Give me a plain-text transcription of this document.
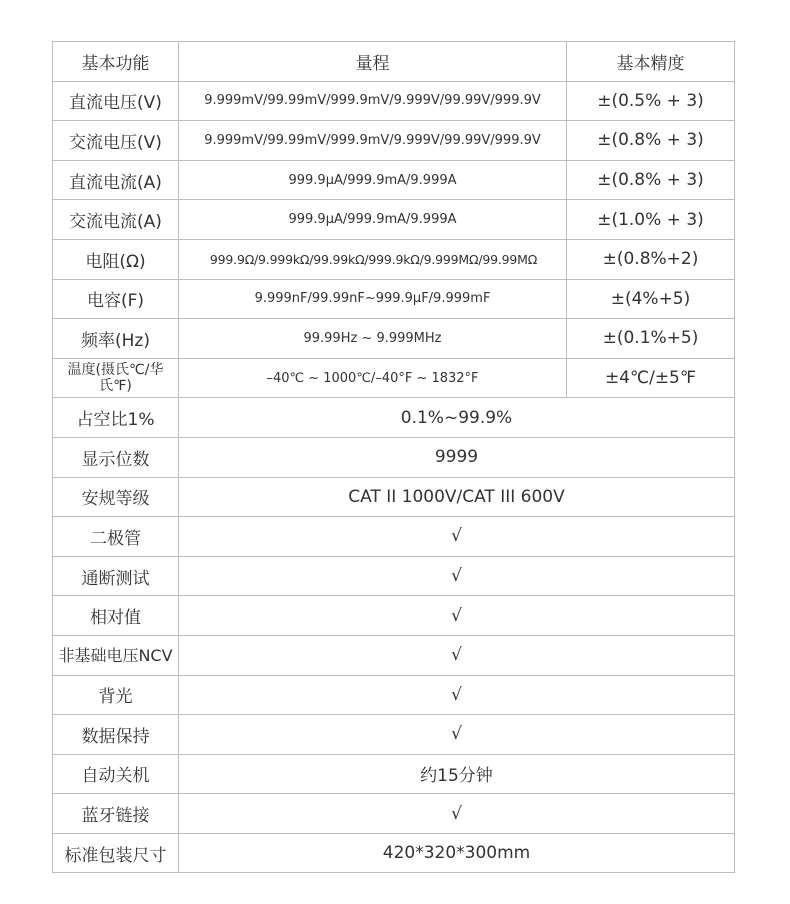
基本功能	量程	基本精度
直流电压(V)	9.999mV/99.99mV/999.9mV/9.999V/99.99V/999.9V	±(0.5% + 3)
交流电压(V)	9.999mV/99.99mV/999.9mV/9.999V/99.99V/999.9V	±(0.8% + 3)
直流电流(A)	999.9μA/999.9mA/9.999A	±(0.8% + 3)
交流电流(A)	999.9μA/999.9mA/9.999A	±(1.0% + 3)
电阻(Ω)	999.9Ω/9.999kΩ/99.99kΩ/999.9kΩ/9.999MΩ/99.99MΩ	±(0.8%+2)
电容(F)	9.999nF/99.99nF~999.9μF/9.999mF	±(4%+5)
频率(Hz)	99.99Hz ~ 9.999MHz	±(0.1%+5)
温度(摄氏℃/华氏℉)	–40℃ ~ 1000℃/–40°F ~ 1832°F	±4℃/±5℉
占空比1%	0.1%~99.9%	
显示位数	9999	
安规等级	CAT II 1000V/CAT III 600V	
二极管	√	
通断测试	√	
相对值	√	
非基础电压NCV	√	
背光	√	
数据保持	√	
自动关机	约15分钟	
蓝牙链接	√	
标准包装尺寸	420*320*300mm	
